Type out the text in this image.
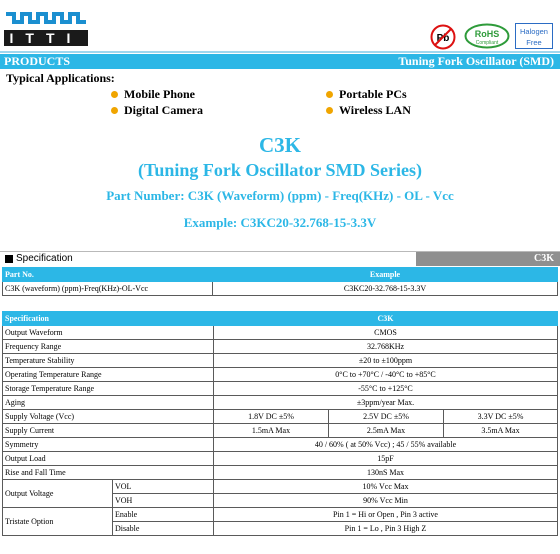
ITTI	Pb	RoHS
Compliant
Halogen
Free
PRODUCTS	Tuning Fork Oscillator (SMD)
Typical Applications:
Mobile Phone	Portable PCs
Digital Camera	Wireless LAN
C3K
(Tuning Fork Oscillator SMD Series)
Part Number: C3K (Waveform) (ppm) - Freq(KHz) - OL - Vcc
Example: C3KC20-32.768-15-3.3V
Specification	C3K
Part No.	Example
C3K (waveform) (ppm)-Freq(KHz)-OL-Vcc	C3KC20-32.768-15-3.3V
Specification		C3K		
Output Waveform		CMOS		
Frequency Range		32.768KHz		
Temperature Stability		±20 to ±100ppm		
Operating Temperature Range		0°C to +70°C / -40°C to +85°C		
Storage Temperature Range		-55°C to +125°C		
Aging		±3ppm/year Max.		
Supply Voltage (Vcc)		1.8V DC ±5%	2.5V DC ±5%	3.3V DC ±5%
Supply Current		1.5mA Max	2.5mA Max	3.5mA Max
Symmetry		40 / 60% ( at 50% Vcc) ; 45 / 55% available		
Output Load		15pF		
Rise and Fall Time		130nS Max		
Output Voltage	VOL	10% Vcc Max		
	VOH	90% Vcc Min		
Tristate Option	Enable	Pin 1 = Hi or Open , Pin 3 active		
	Disable	Pin 1 = Lo , Pin 3 High Z		
